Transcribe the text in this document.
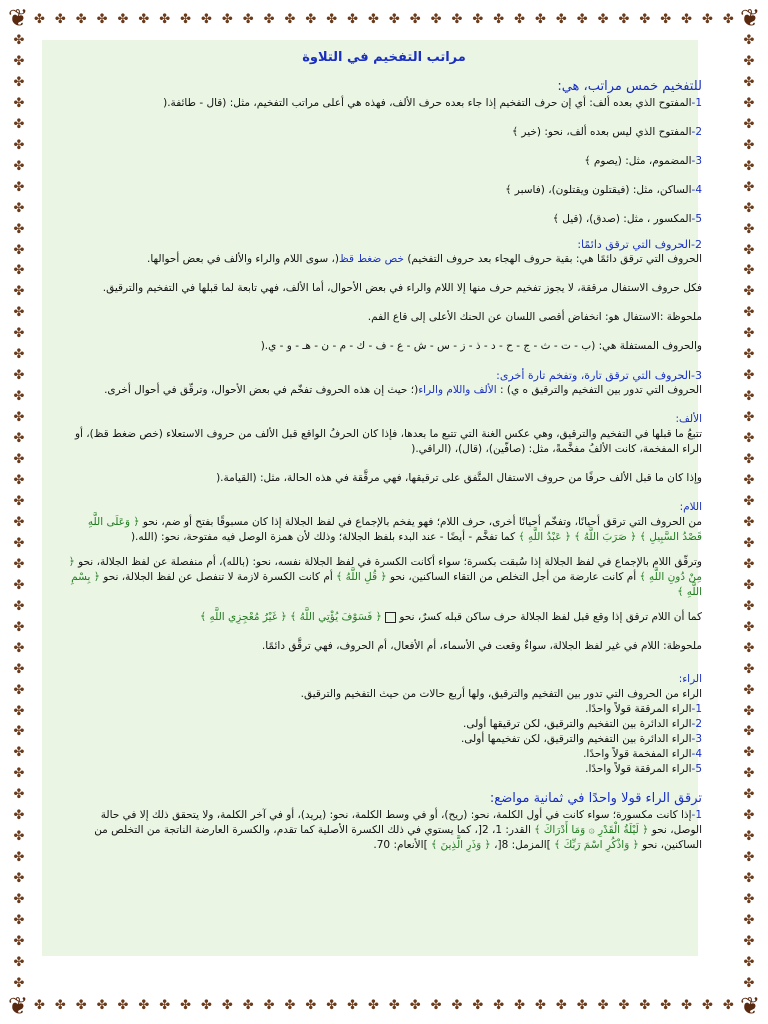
❦	❦
❦	❦
✤ ✤ ✤ ✤ ✤ ✤ ✤ ✤ ✤ ✤ ✤ ✤ ✤ ✤ ✤ ✤ ✤ ✤ ✤ ✤ ✤ ✤ ✤ ✤ ✤ ✤ ✤ ✤ ✤ ✤ ✤ ✤ ✤ ✤
✤ ✤ ✤ ✤ ✤ ✤ ✤ ✤ ✤ ✤ ✤ ✤ ✤ ✤ ✤ ✤ ✤ ✤ ✤ ✤ ✤ ✤ ✤ ✤ ✤ ✤ ✤ ✤ ✤ ✤ ✤ ✤ ✤ ✤
✤
✤
✤
✤
✤
✤
✤
✤
✤
✤
✤
✤
✤
✤
✤
✤
✤
✤
✤
✤
✤
✤
✤
✤
✤
✤
✤
✤
✤
✤
✤
✤
✤
✤
✤
✤
✤
✤
✤
✤
✤
✤
✤
✤
✤
✤
✤
✤
✤
✤
✤
✤
✤
✤
✤
✤
✤
✤
✤
✤
✤
✤
✤
✤
✤
✤
✤
✤
✤
✤
✤
✤
✤
✤
✤
✤
✤
✤
✤
✤
✤
✤
✤
✤
✤
✤
✤
✤
✤
✤
✤
✤
مراتب التفخيم في التلاوة
للتفخيم خمس مراتب، هي:

1-المفتوح الذي بعده ألف: أي إن حرف التفخيم إذا جاء بعده حرف الألف، فهذه هي أعلى مراتب التفخيم، مثل: (قال - طائفة.(

2-المفتوح الذي ليس بعده ألف، نحو: (خير ﴾

3-المضموم، مثل: (يصوم ﴾

4-الساكن، مثل: (فيقتلون ويقتلون)، (فاسبر ﴾

5-المكسور ، مثل: (صدق)، (قيل ﴾

2-الحروف التي ترقق دائمًا:

الحروف التي ترقق دائمًا هي: بقية حروف الهجاء بعد حروف التفخيم) خص ضغط قظ(، سوى اللام والراء والألف في بعض أحوالها.

فكل حروف الاستفال مرققة، لا يجوز تفخيم حرف منها إلا اللام والراء في بعض الأحوال، أما الألف، فهي تابعة لما قبلها في التفخيم والترقيق.

ملحوظة :الاستفال هو: انخفاض أقصى اللسان عن الحنك الأعلى إلى قاع الفم.

والحروف المستفلة هي: (ب - ت - ث - ج - ح - د - ذ - ز - س - ش - ع - ف - ك - م - ن - هـ - و - ي.(

3-الحروف التي ترقق تارة، وتفخم تارة أخرى:

الحروف التي تدور بين التفخيم والترقيق ه ي) : الألف واللام والراء(؛ حيث إن هذه الحروف تفخّم في بعض الأحوال، وترقّق في أحوال أخرى.

الألف:

تتبعُ ما قبلها في التفخيم والترقيق، وهي عكس الغنة التي تتبع ما بعدها، فإذا كان الحرفُ الواقع قبل الألف من حروف الاستعلاء (خص ضغط قظ)، أو الراء المفخمة، كانت الألفُ مفخَّمةً، مثل: (صافّين)، (قال)، (الراقي.(

وإذا كان ما قبل الألف حرفًا من حروف الاستفال المتَّفق على ترقيقها، فهي مرقَّقة في هذه الحالة، مثل: (القيامة.(

اللام:

من الحروف التي ترقق أحيانًا، وتفخّم أحيانًا أخرى، حرف اللام؛ فهو يفخم بالإجماع في لفظ الجلالة إذا كان مسبوقًا بفتح أو ضم، نحو ﴿ وَعَلَى اللَّهِ قَصْدُ السَّبِيلِ ﴾ ﴿ صَرَبَ اللَّهُ ﴾ ﴿ عَبْدُ اللَّهِ ﴾ كما تفخَّم - أيضًا - عند البدء بلفظ الجلالة؛ وذلك لأن همزة الوصل فيه مفتوحة، نحو: (الله.(

وترقّق اللام بالإجماع في لفظ الجلالة إذا سُبقت بكسرة؛ سواء أكانت الكسرة في لفظ الجلالة نفسه، نحو: (بالله)، أم منفصلة عن لفظ الجلالة، نحو ﴿ مِنْ دُونِ اللَّهِ ﴾ أم كانت عارضة من أجل التخلص من التقاء الساكنين، نحو ﴿ قُلِ اللَّهُ ﴾ أم كانت الكسرة لازمة لا تنفصل عن لفظ الجلالة، نحو ﴿ بِسْمِ اللَّهِ ﴾

كما أن اللام ترقق إذا وقع قبل لفظ الجلالة حرف ساكن قبله كسرٌ، نحو  ﴿ فَسَوْفَ يُؤْتِي اللَّهُ ﴾ ﴿ غَيْرُ مُعْجِزِي اللَّهِ ﴾

ملحوظة: اللام في غير لفظ الجلالة، سواءٌ وقعت في الأسماء، أم الأفعال، أم الحروف، فهي ترقَّق دائمًا.

الراء:

الراء من الحروف التي تدور بين التفخيم والترقيق، ولها أربع حالات من حيث التفخيم والترقيق.

1-الراء المرققة قولاً واحدًا.

2-الراء الدائرة بين التفخيم والترقيق، لكن ترقيقها أولى.

3-الراء الدائرة بين التفخيم والترقيق، لكن تفخيمها أولى.

4-الراء المفخمة قولاً واحدًا.

5-الراء المرققة قولاً واحدًا.

ترقق الراء قولا واحدًا في ثمانية مواضع:

1-إذا كانت مكسورة؛ سواء كانت في أول الكلمة، نحو: (ريح)، أو في وسط الكلمة، نحو: (يريد)، أو في آخر الكلمة، ولا يتحقق ذلك إلا في حالة الوصل، نحو ﴿ لَيْلَةُ الْقَدْرِ ۞ وَمَا أَدْرَاكَ ﴾ القدر: 1، 2[، كما يستوي في ذلك الكسرة الأصلية كما تقدم، والكسرة العارضة الناتجة من التخلص من الساكنين، نحو ﴿ وَاذْكُرِ اسْمَ رَبِّكَ ﴾ ]المزمل: 8[، ﴿ وَذَرِ الَّذِينَ ﴾ ]الأنعام: 70.
